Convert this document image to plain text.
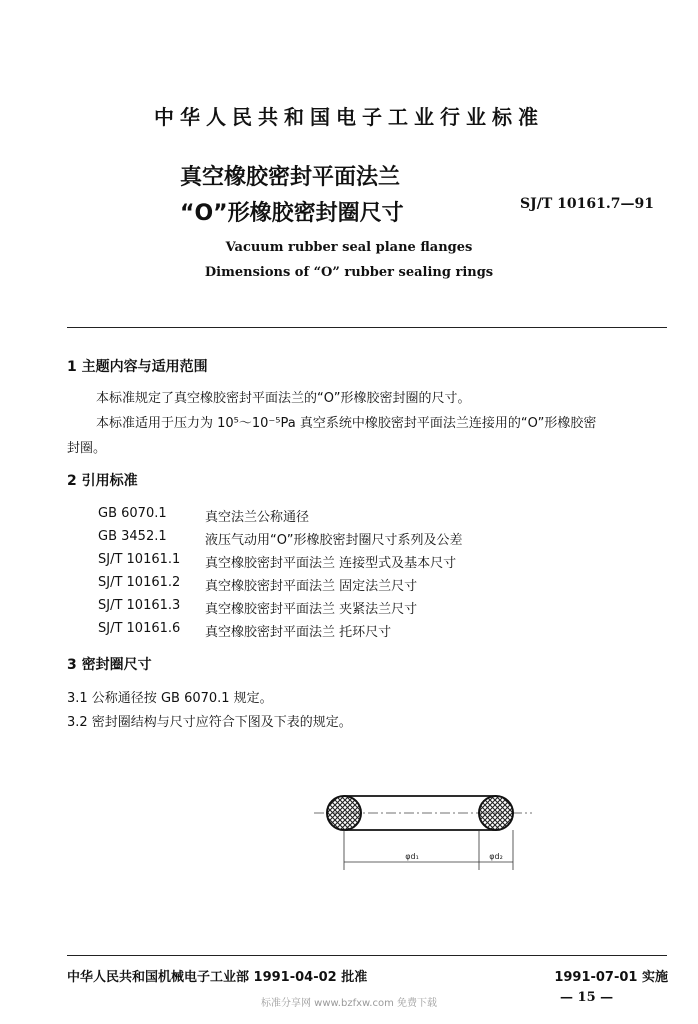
中华人民共和国电子工业行业标准
真空橡胶密封平面法兰
“O”形橡胶密封圈尺寸	SJ/T 10161.7—91
Vacuum rubber seal plane flanges
Dimensions of “O” rubber sealing rings
1 主题内容与适用范围
本标准规定了真空橡胶密封平面法兰的“O”形橡胶密封圈的尺寸。
本标准适用于压力为 10⁵～10⁻⁵Pa 真空系统中橡胶密封平面法兰连接用的“O”形橡胶密
封圈。
2 引用标准
GB 6070.1	真空法兰公称通径
GB 3452.1	液压气动用“O”形橡胶密封圈尺寸系列及公差
SJ/T 10161.1 真空橡胶密封平面法兰 连接型式及基本尺寸
SJ/T 10161.2 真空橡胶密封平面法兰 固定法兰尺寸
SJ/T 10161.3 真空橡胶密封平面法兰 夹紧法兰尺寸
SJ/T 10161.6 真空橡胶密封平面法兰 托环尺寸
3 密封圈尺寸
3.1 公称通径按 GB 6070.1 规定。
3.2 密封圈结构与尺寸应符合下图及下表的规定。
φd₁	φd₂
中华人民共和国机械电子工业部 1991-04-02 批准	1991-07-01 实施
— 15 —
标准分享网 www.bzfxw.com 免费下载
